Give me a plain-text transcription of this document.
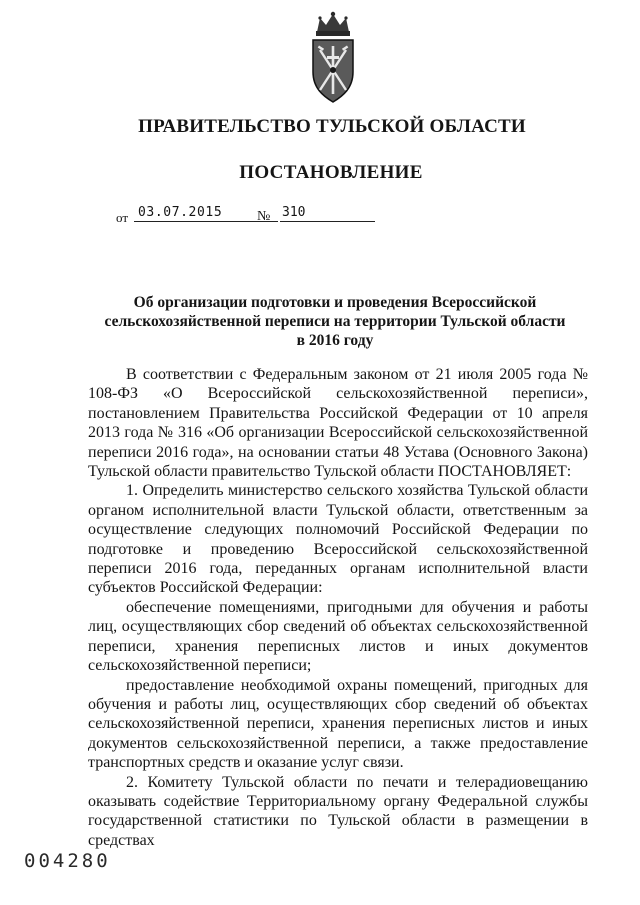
ПРАВИТЕЛЬСТВО ТУЛЬСКОЙ ОБЛАСТИ
ПОСТАНОВЛЕНИЕ
от 03.07.2015 № 310
Об организации подготовки и проведения Всероссийской
сельскохозяйственной переписи на территории Тульской области
в 2016 году

В соответствии с Федеральным законом от 21 июля 2005 года № 108-ФЗ «О Всероссийской сельскохозяйственной переписи», постановлением Правительства Российской Федерации от 10 апреля 2013 года № 316 «Об организации Всероссийской сельскохозяйственной переписи 2016 года», на основании статьи 48 Устава (Основного Закона) Тульской области правительство Тульской области ПОСТАНОВЛЯЕТ:

1. Определить министерство сельского хозяйства Тульской области органом исполнительной власти Тульской области, ответственным за осуществление следующих полномочий Российской Федерации по подготовке и проведению Всероссийской сельскохозяйственной переписи 2016 года, переданных органам исполнительной власти субъектов Российской Федерации:

обеспечение помещениями, пригодными для обучения и работы лиц, осуществляющих сбор сведений об объектах сельскохозяйственной переписи, хранения переписных листов и иных документов сельскохозяйственной переписи;

предоставление необходимой охраны помещений, пригодных для обучения и работы лиц, осуществляющих сбор сведений об объектах сельскохозяйственной переписи, хранения переписных листов и иных документов сельскохозяйственной переписи, а также предоставление транспортных средств и оказание услуг связи.

2. Комитету Тульской области по печати и телерадиовещанию оказывать содействие Территориальному органу Федеральной службы государственной статистики по Тульской области в размещении в средствах

004280
